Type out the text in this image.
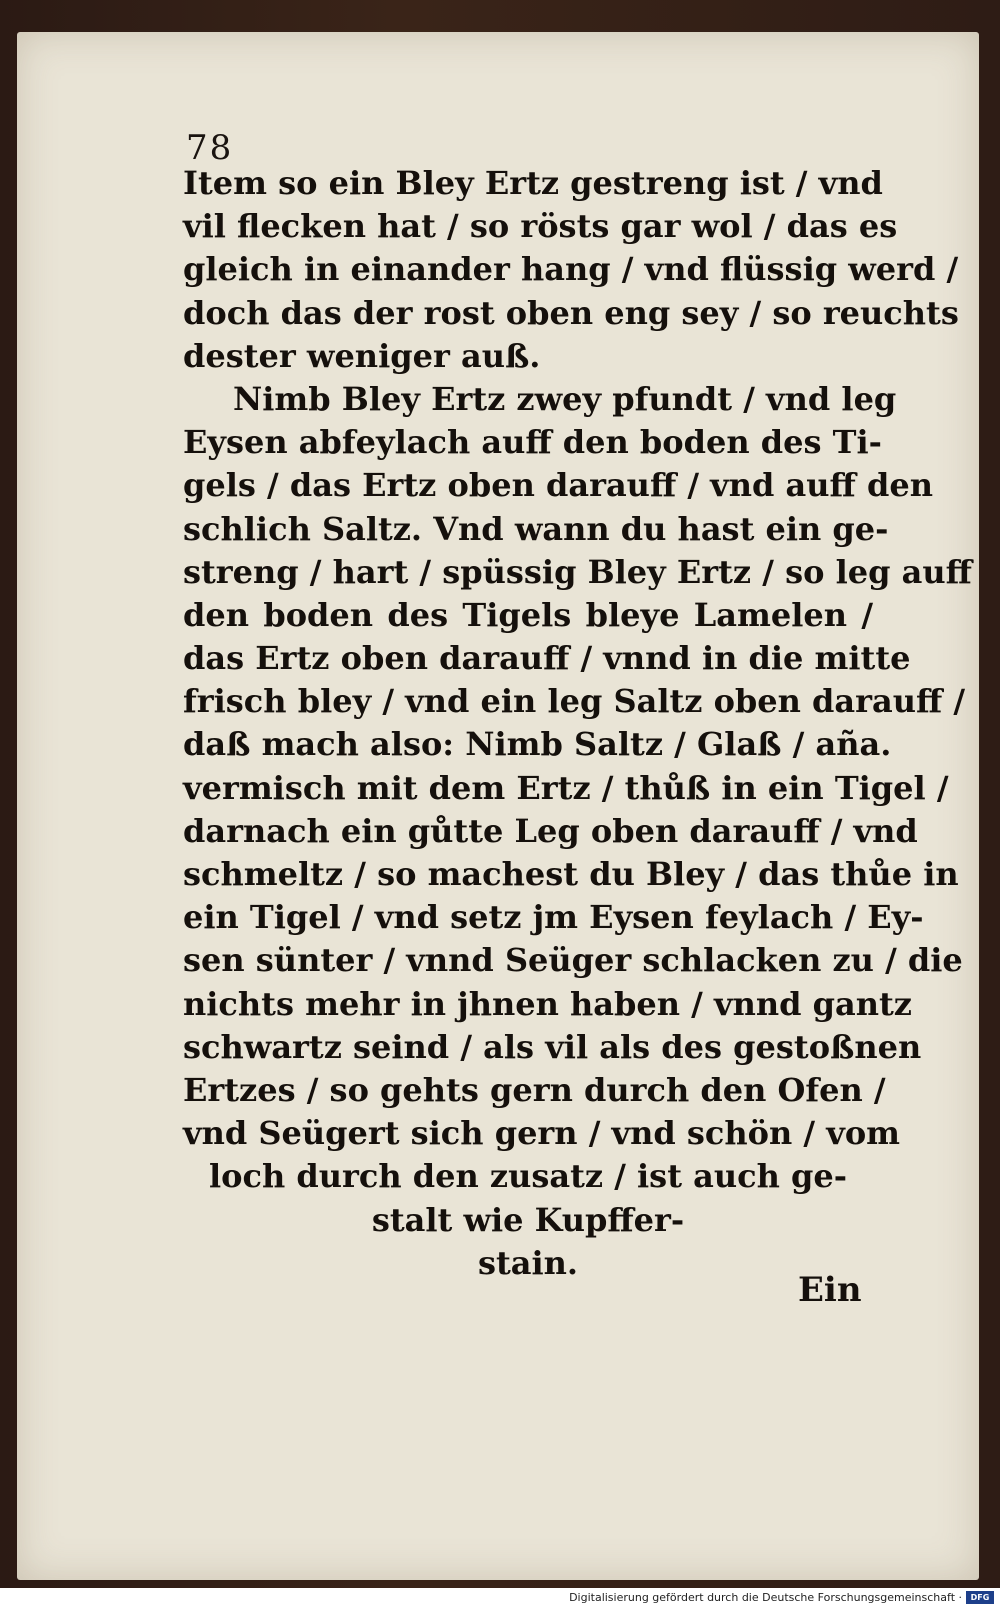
78
Item so ein Bley Ertz gestreng ist / vnd
vil flecken hat / so rösts gar wol / das es
gleich in einander hang / vnd flüssig werd /
doch das der rost oben eng sey / so reuchts
dester weniger auß.
Nimb Bley Ertz zwey pfundt / vnd leg
Eysen abfeylach auff den boden des Ti-
gels / das Ertz oben darauff / vnd auff den
schlich Saltz. Vnd wann du hast ein ge-
streng / hart / spüssig Bley Ertz / so leg auff
den boden des Tigels bleye Lamelen /
das Ertz oben darauff / vnnd in die mitte
frisch bley / vnd ein leg Saltz oben darauff /
daß mach also: Nimb Saltz / Glaß / aña.
vermisch mit dem Ertz / thůß in ein Tigel /
darnach ein gůtte Leg oben darauff / vnd
schmeltz / so machest du Bley / das thůe in
ein Tigel / vnd setz jm Eysen feylach / Ey-
sen sünter / vnnd Seüger schlacken zu / die
nichts mehr in jhnen haben / vnnd gantz
schwartz seind / als vil als des gestoßnen
Ertzes / so gehts gern durch den Ofen /
vnd Seügert sich gern / vnd schön / vom
loch durch den zusatz / ist auch ge-
stalt wie Kupffer-
stain.
Ein
Digitalisierung gefördert durch die Deutsche Forschungsgemeinschaft ·	DFG
